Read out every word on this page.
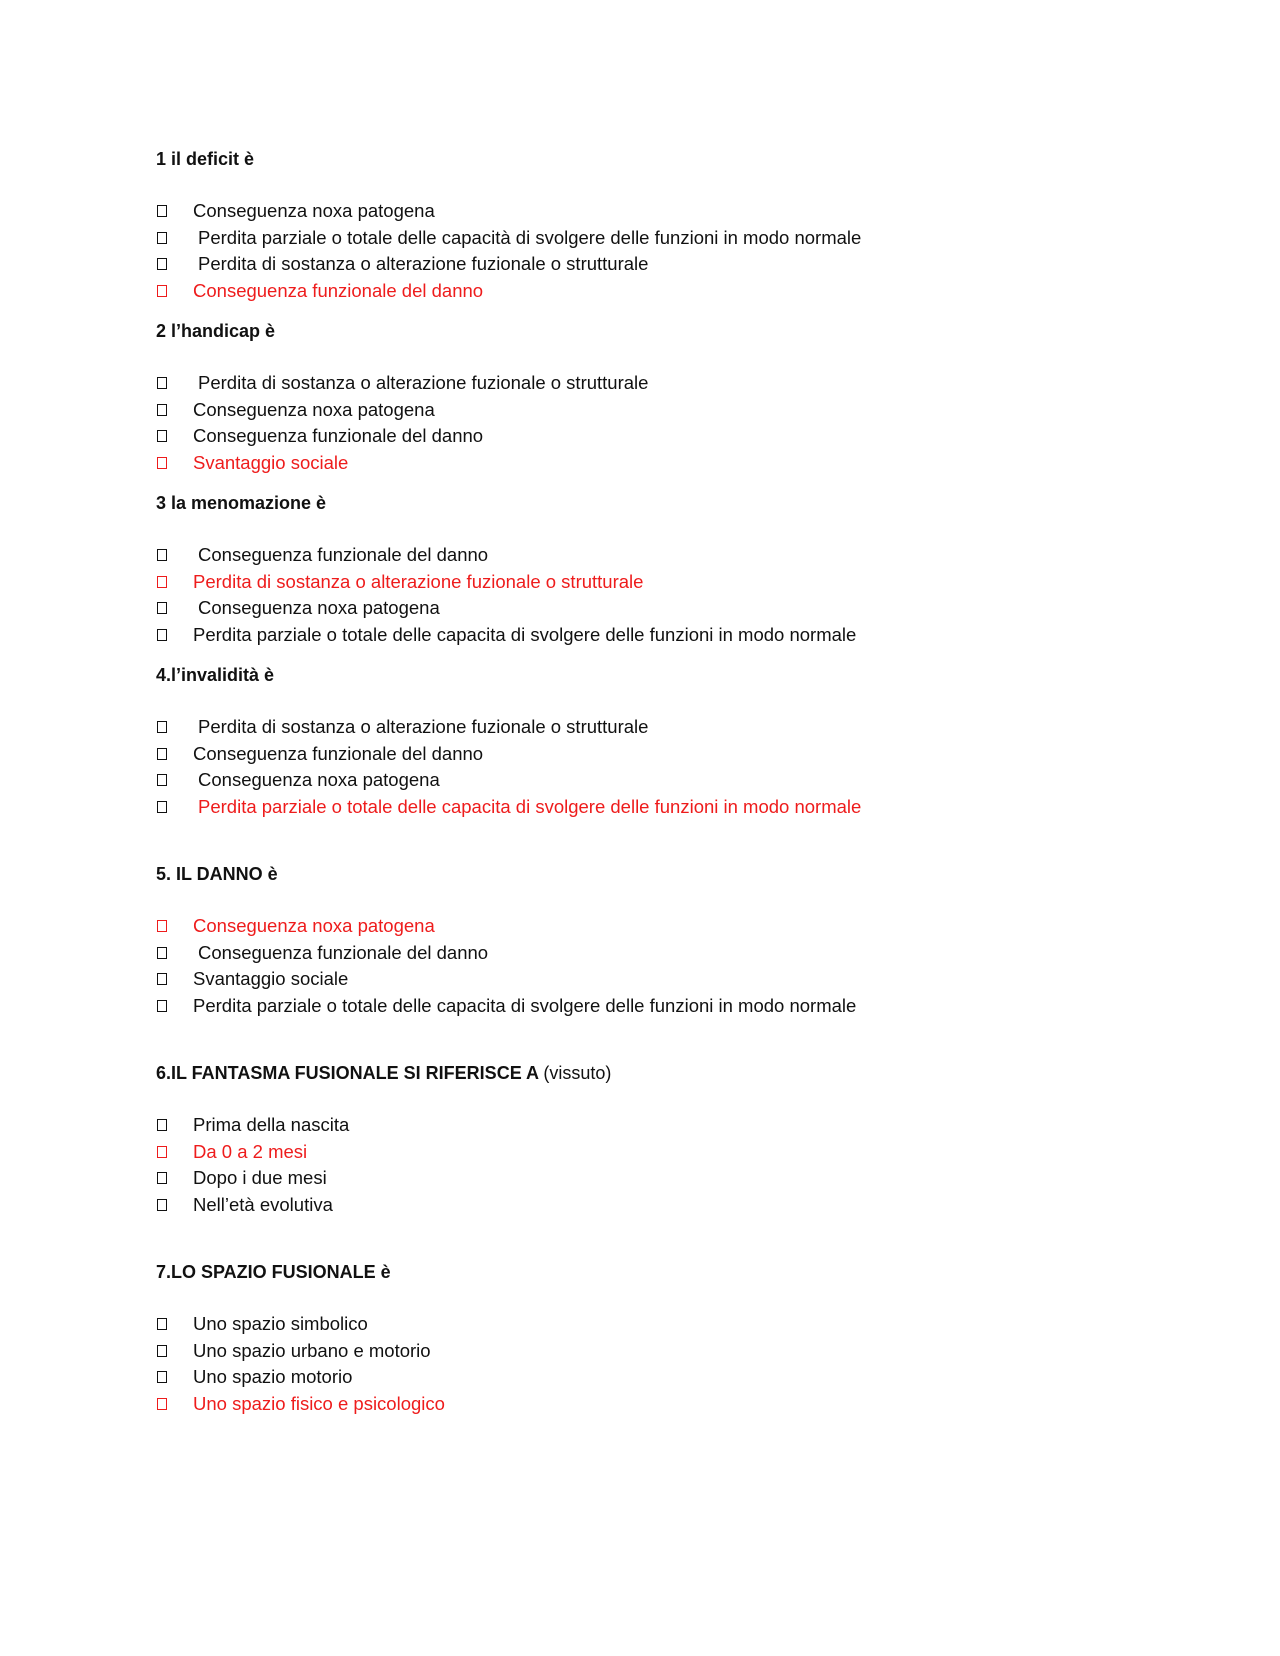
1 il deficit è

Conseguenza noxa patogena
Perdita parziale o totale delle capacità di svolgere delle funzioni in modo normale
Perdita di sostanza o alterazione fuzionale o strutturale
Conseguenza funzionale del danno

2 l’handicap è

Perdita di sostanza o alterazione fuzionale o strutturale
Conseguenza noxa patogena
Conseguenza funzionale del danno
Svantaggio sociale

3 la menomazione è

Conseguenza funzionale del danno
Perdita di sostanza o alterazione fuzionale o strutturale
Conseguenza noxa patogena
Perdita parziale o totale delle capacita di svolgere delle funzioni in modo normale

4.l’invalidità è

Perdita di sostanza o alterazione fuzionale o strutturale
Conseguenza funzionale del danno
Conseguenza noxa patogena
Perdita parziale o totale delle capacita di svolgere delle funzioni in modo normale

5. IL DANNO è

Conseguenza noxa patogena
Conseguenza funzionale del danno
Svantaggio sociale
Perdita parziale o totale delle capacita di svolgere delle funzioni in modo normale

6.IL FANTASMA FUSIONALE SI RIFERISCE A (vissuto)

Prima della nascita
Da 0 a 2 mesi
Dopo i due mesi
Nell’età evolutiva

7.LO SPAZIO FUSIONALE è

Uno spazio simbolico
Uno spazio urbano e motorio
Uno spazio motorio
Uno spazio fisico e psicologico
